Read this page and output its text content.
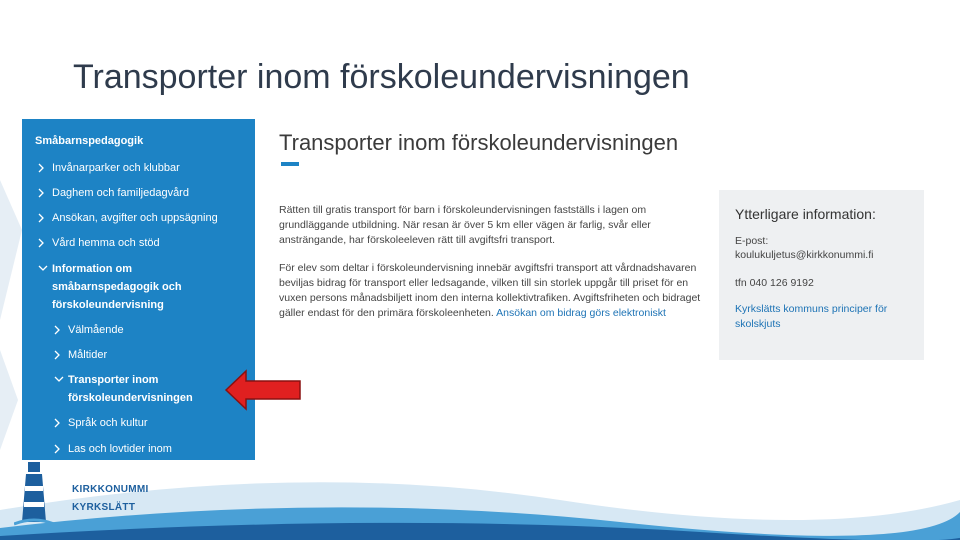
Transporter inom förskoleundervisningen
Småbarnspedagogik
Invånarparker och klubbar
Daghem och familjedagvård
Ansökan, avgifter och uppsägning
Vård hemma och stöd
Information om småbarnspedagogik och förskoleundervisning
Välmående
Måltider
Transporter inom förskoleundervisningen
Språk och kultur
Las och lovtider inom
Transporter inom förskoleundervisningen
Rätten till gratis transport för barn i förskoleundervisningen fastställs i lagen om grundläggande utbildning. När resan är över 5 km eller vägen är farlig, svår eller ansträngande, har förskoleeleven rätt till avgiftsfri transport.
För elev som deltar i förskoleundervisning innebär avgiftsfri transport att vårdnadshavaren beviljas bidrag för transport eller ledsagande, vilken till sin storlek uppgår till priset för en vuxen persons månadsbiljett inom den interna kollektivtrafiken. Avgiftsfriheten och bidraget gäller endast för den primära förskoleenheten. Ansökan om bidrag görs elektroniskt
Ytterligare information:
E-post:
koulukuljetus@kirkkonummi.fi
tfn 040 126 9192
Kyrkslätts kommuns principer för skolskjuts
KIRKKONUMMI
KYRKSLÄTT
